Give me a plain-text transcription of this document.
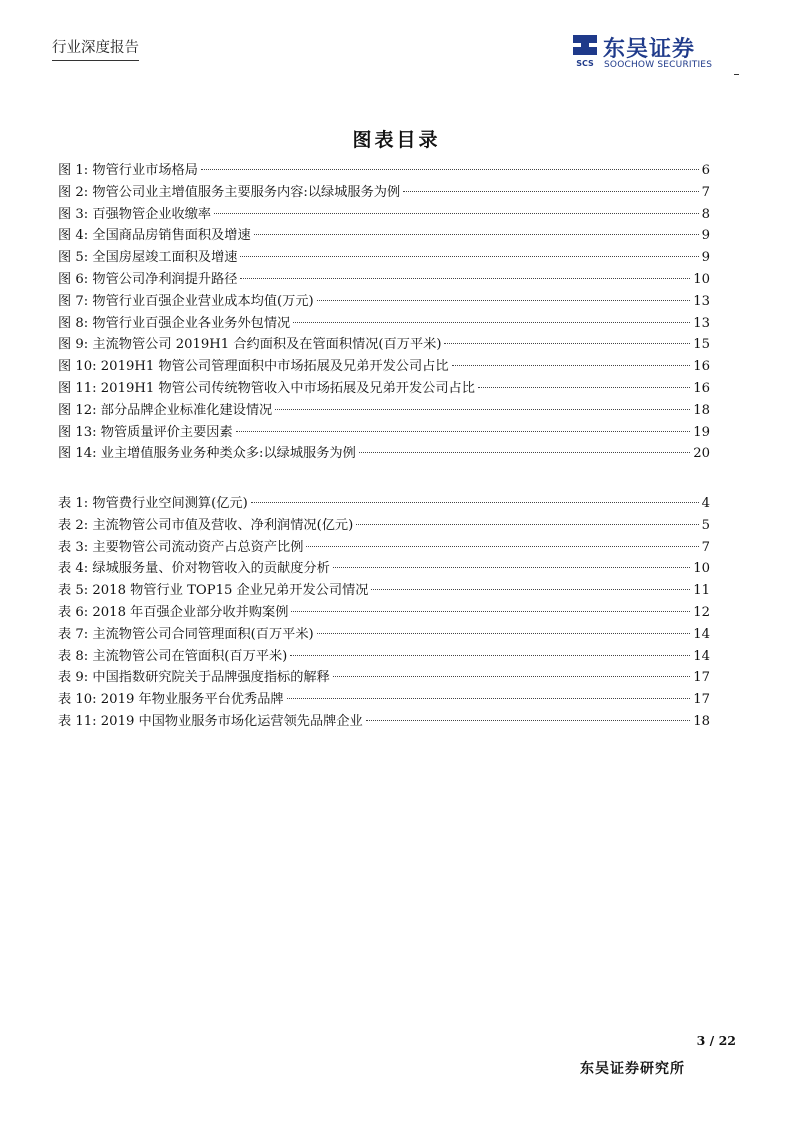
行业深度报告
SCS
东吴证券
SOOCHOW SECURITIES
图表目录
图 1: 物管行业市场格局	6
图 2: 物管公司业主增值服务主要服务内容:以绿城服务为例	7
图 3: 百强物管企业收缴率	8
图 4: 全国商品房销售面积及增速	9
图 5: 全国房屋竣工面积及增速	9
图 6: 物管公司净利润提升路径	10
图 7: 物管行业百强企业营业成本均值(万元)	13
图 8: 物管行业百强企业各业务外包情况	13
图 9: 主流物管公司 2019H1 合约面积及在管面积情况(百万平米)	15
图 10: 2019H1 物管公司管理面积中市场拓展及兄弟开发公司占比	16
图 11: 2019H1 物管公司传统物管收入中市场拓展及兄弟开发公司占比	16
图 12: 部分品牌企业标准化建设情况	18
图 13: 物管质量评价主要因素	19
图 14: 业主增值服务业务种类众多:以绿城服务为例	20
表 1: 物管费行业空间测算(亿元)	4
表 2: 主流物管公司市值及营收、净利润情况(亿元)	5
表 3: 主要物管公司流动资产占总资产比例	7
表 4: 绿城服务量、价对物管收入的贡献度分析	10
表 5: 2018 物管行业 TOP15 企业兄弟开发公司情况	11
表 6: 2018 年百强企业部分收并购案例	12
表 7: 主流物管公司合同管理面积(百万平米)	14
表 8: 主流物管公司在管面积(百万平米)	14
表 9: 中国指数研究院关于品牌强度指标的解释	17
表 10: 2019 年物业服务平台优秀品牌	17
表 11: 2019 中国物业服务市场化运营领先品牌企业	18
3 / 22
东吴证券研究所
